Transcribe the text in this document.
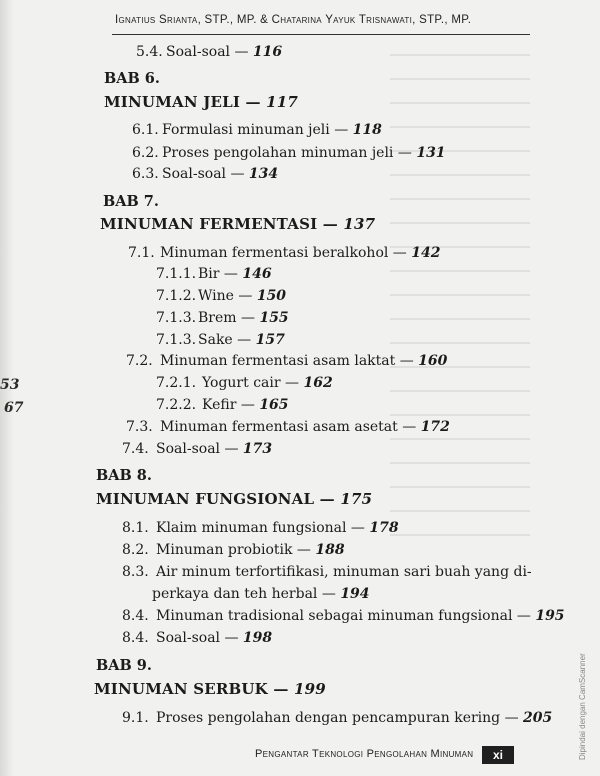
53
67
Ignatius Srianta, STP., MP. & Chatarina Yayuk Trisnawati, STP., MP.
5.4. Soal-soal — 116
BAB 6.
MINUMAN JELI — 117
6.1. Formulasi minuman jeli — 118
6.2. Proses pengolahan minuman jeli — 131
6.3. Soal-soal — 134
BAB 7.
MINUMAN FERMENTASI — 137
7.1. Minuman fermentasi beralkohol — 142
7.1.1. Bir — 146
7.1.2. Wine — 150
7.1.3. Brem — 155
7.1.3. Sake — 157
7.2. Minuman fermentasi asam laktat — 160
7.2.1. Yogurt cair — 162
7.2.2. Kefir — 165
7.3. Minuman fermentasi asam asetat — 172
7.4. Soal-soal — 173
BAB 8.
MINUMAN FUNGSIONAL — 175
8.1. Klaim minuman fungsional — 178
8.2. Minuman probiotik — 188
8.3. Air minum terfortifikasi, minuman sari buah yang di-
perkaya dan teh herbal — 194
8.4. Minuman tradisional sebagai minuman fungsional — 195
8.4. Soal-soal — 198
BAB 9.
MINUMAN SERBUK — 199
9.1. Proses pengolahan dengan pencampuran kering — 205
Pengantar Teknologi Pengolahan Minuman	xi	Dipindai dengan CamScanner
